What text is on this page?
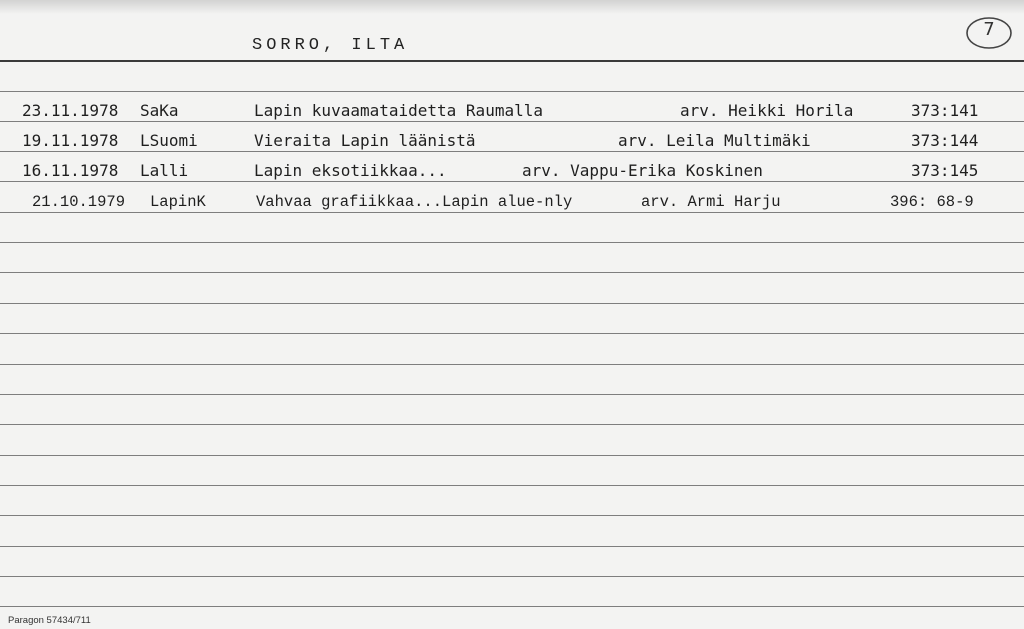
SORRO, ILTA
7
23.11.1978 SaKa	Lapin kuvaamataidetta Raumalla	arv. Heikki Horila	373:141
19.11.1978 LSuomi	Vieraita Lapin läänistä	arv. Leila Multimäki	373:144
16.11.1978 Lalli	Lapin eksotiikkaa...	arv. Vappu-Erika Koskinen	373:145
21.10.1979 LapinK	Vahvaa grafiikkaa...Lapin alue-nly	arv. Armi Harju	396: 68-9
Paragon 57434/711
